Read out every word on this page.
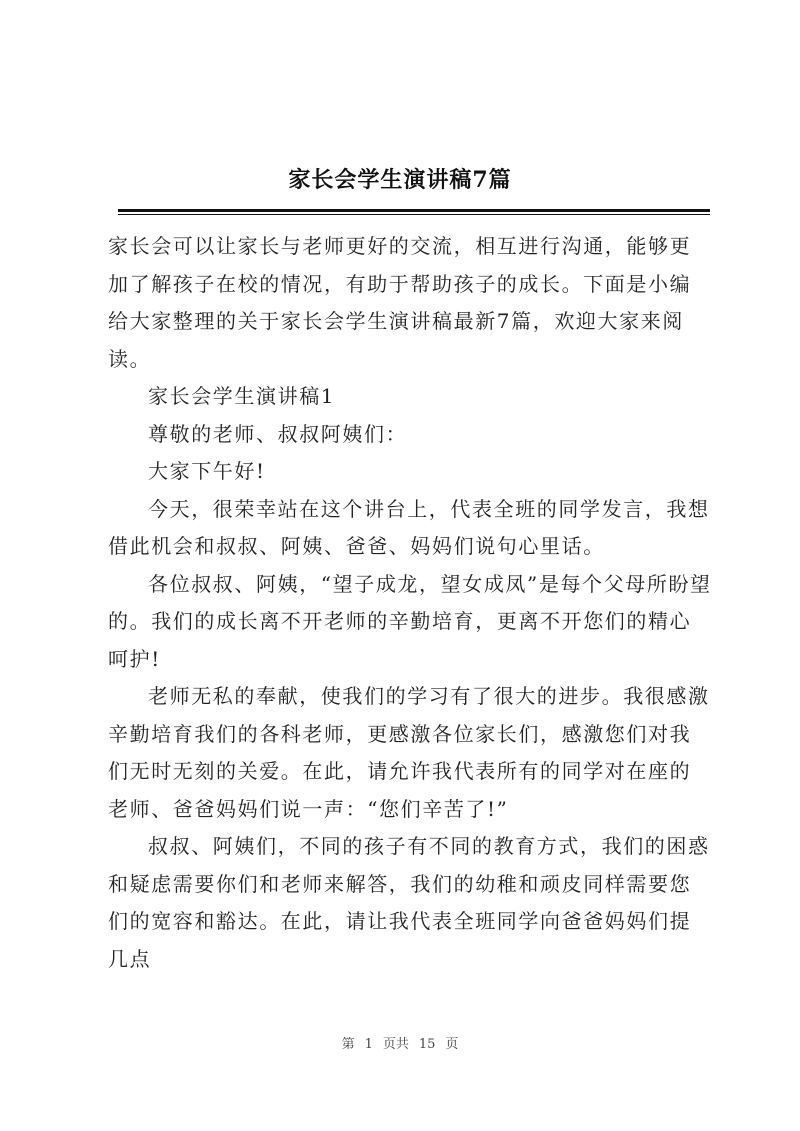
家长会学生演讲稿7篇

家长会可以让家长与老师更好的交流，相互进行沟通，能够更加了解孩子在校的情况，有助于帮助孩子的成长。下面是小编给大家整理的关于家长会学生演讲稿最新7篇，欢迎大家来阅读。

家长会学生演讲稿1

尊敬的老师、叔叔阿姨们：

大家下午好!

今天，很荣幸站在这个讲台上，代表全班的同学发言，我想借此机会和叔叔、阿姨、爸爸、妈妈们说句心里话。

各位叔叔、阿姨，“望子成龙，望女成凤”是每个父母所盼望的。我们的成长离不开老师的辛勤培育，更离不开您们的精心呵护!

老师无私的奉献，使我们的学习有了很大的进步。我很感激辛勤培育我们的各科老师，更感激各位家长们，感激您们对我们无时无刻的关爱。在此，请允许我代表所有的同学对在座的老师、爸爸妈妈们说一声：“您们辛苦了!”

叔叔、阿姨们，不同的孩子有不同的教育方式，我们的困惑和疑虑需要你们和老师来解答，我们的幼稚和顽皮同样需要您们的宽容和豁达。在此，请让我代表全班同学向爸爸妈妈们提几点

第 1 页共 15 页
